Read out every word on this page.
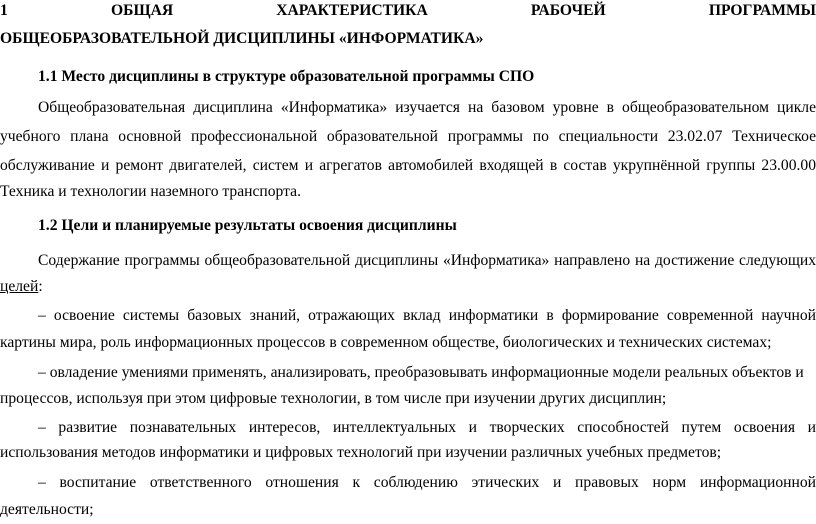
1 ОБЩАЯ ХАРАКТЕРИСТИКА РАБОЧЕЙ ПРОГРАММЫ
ОБЩЕОБРАЗОВАТЕЛЬНОЙ ДИСЦИПЛИНЫ «ИНФОРМАТИКА»
1.1 Место дисциплины в структуре образовательной программы СПО
Общеобразовательная дисциплина «Информатика» изучается на базовом уровне в общеобразовательном цикле
учебного плана основной профессиональной образовательной программы по специальности 23.02.07 Техническое
обслуживание и ремонт двигателей, систем и агрегатов автомобилей входящей в состав укрупнённой группы 23.00.00
Техника и технологии наземного транспорта.
1.2 Цели и планируемые результаты освоения дисциплины
Содержание программы общеобразовательной дисциплины «Информатика» направлено на достижение следующих
целей:
– освоение системы базовых знаний, отражающих вклад информатики в формирование современной научной
картины мира, роль информационных процессов в современном обществе, биологических и технических системах;
– овладение умениями применять, анализировать, преобразовывать информационные модели реальных объектов и
процессов, используя при этом цифровые технологии, в том числе при изучении других дисциплин;
– развитие познавательных интересов, интеллектуальных и творческих способностей путем освоения и
использования методов информатики и цифровых технологий при изучении различных учебных предметов;
– воспитание ответственного отношения к соблюдению этических и правовых норм информационной
деятельности;
